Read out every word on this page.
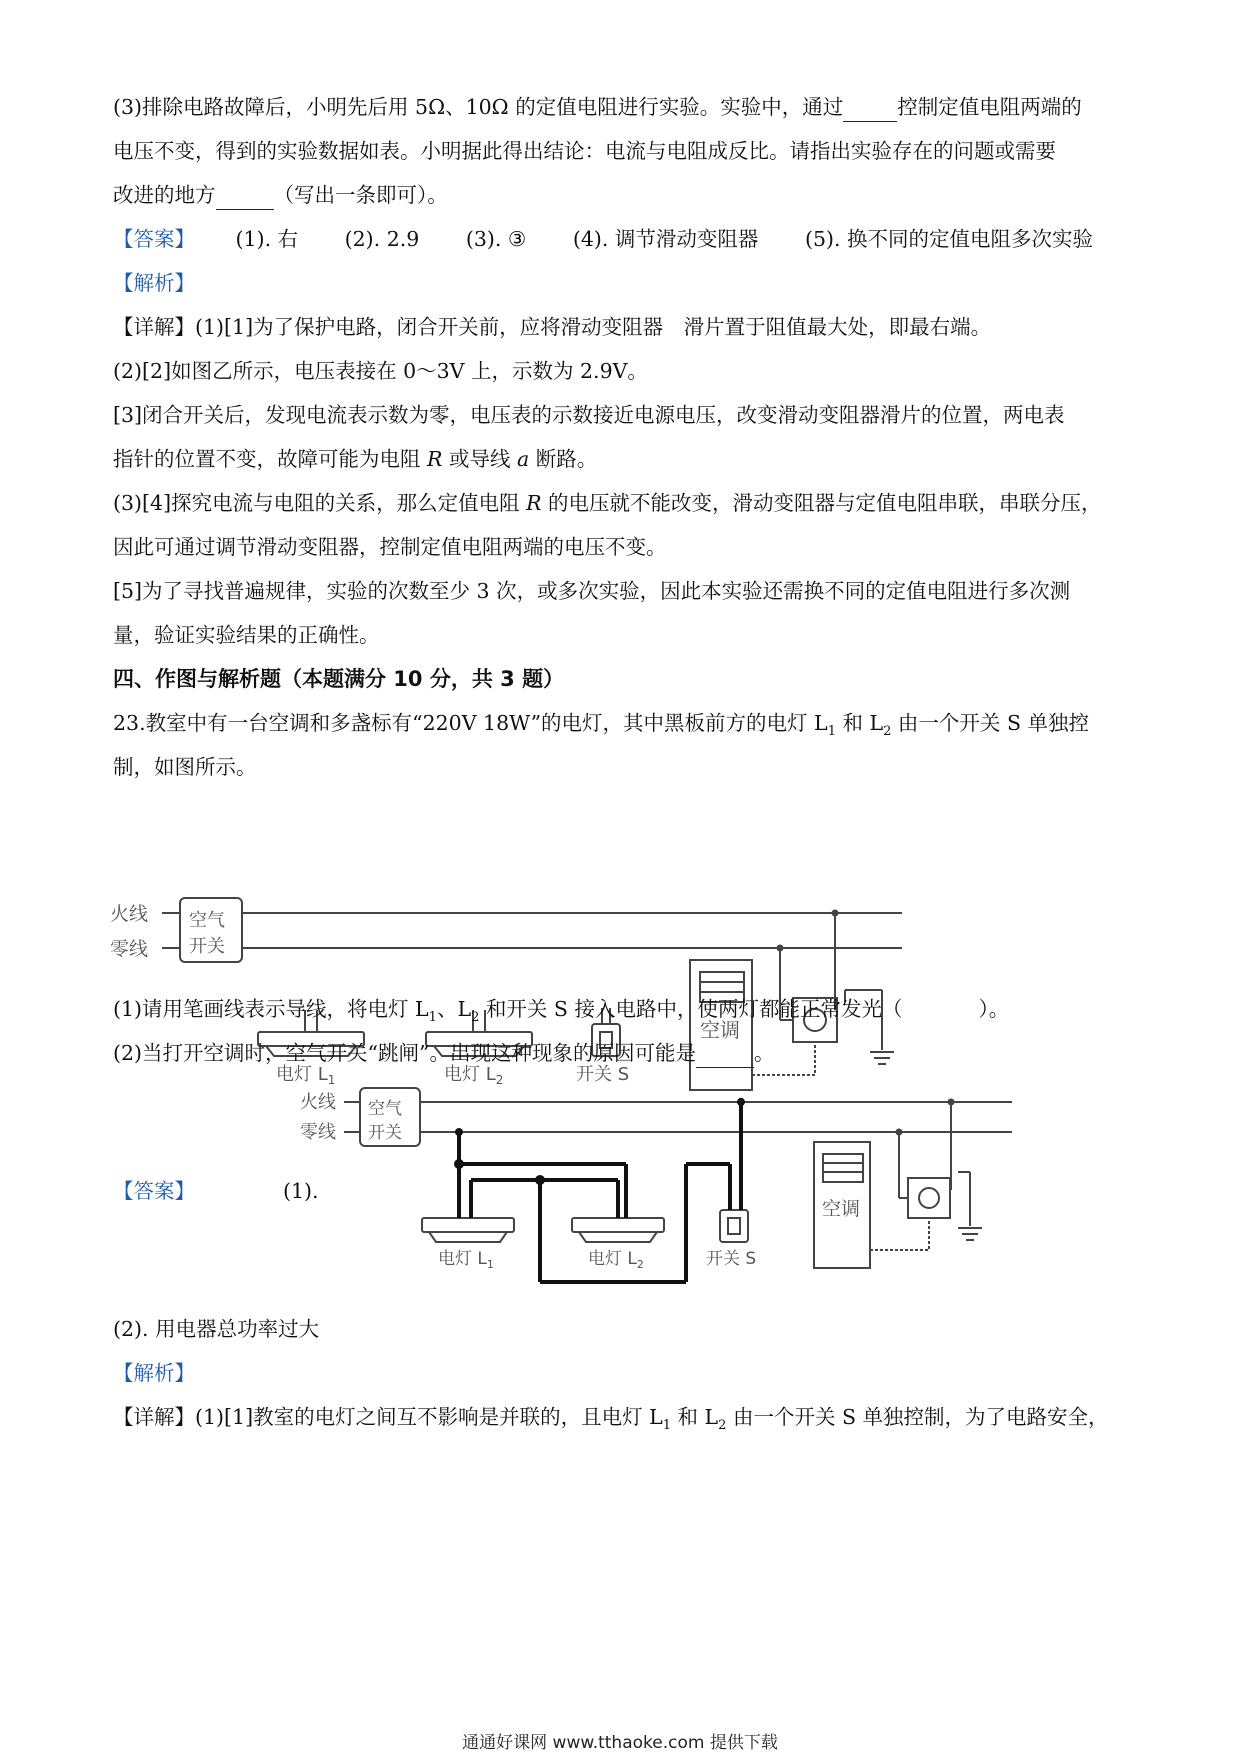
(3)排除电路故障后，小明先后用 5Ω、10Ω 的定值电阻进行实验。实验中，通过	控制定值电阻两端的
电压不变，得到的实验数据如表。小明据此得出结论：电流与电阻成反比。请指出实验存在的问题或需要
改进的地方	（写出一条即可）。
【答案】 (1). 右 (2). 2.9 (3). ③ (4). 调节滑动变阻器 (5). 换不同的定值电阻多次实验
【解析】
【详解】(1)[1]为了保护电路，闭合开关前，应将滑动变阻器　滑片置于阻值最大处，即最右端。
(2)[2]如图乙所示，电压表接在 0～3V 上，示数为 2.9V。
[3]闭合开关后，发现电流表示数为零，电压表的示数接近电源电压，改变滑动变阻器滑片的位置，两电表
指针的位置不变，故障可能为电阻 R 或导线 a 断路。
(3)[4]探究电流与电阻的关系，那么定值电阻 R 的电压就不能改变，滑动变阻器与定值电阻串联，串联分压，
因此可通过调节滑动变阻器，控制定值电阻两端的电压不变。
[5]为了寻找普遍规律，实验的次数至少 3 次，或多次实验，因此本实验还需换不同的定值电阻进行多次测
量，验证实验结果的正确性。
四、作图与解析题（本题满分 10 分，共 3 题）
23.教室中有一台空调和多盏标有“220V 18W”的电灯，其中黑板前方的电灯 $L_1$ 和 $L_2$ 由一个开关 S 单独控
制，如图所示。
火线
零线
空气
开关
电灯 $L_1$	电灯 $L_2$	开关 S
空调
(1)请用笔画线表示导线，将电灯 $L_1$、$L_2$ 和开关 S 接入电路中，使两灯都能正常发光（	）。
(2)当打开空调时，空气开关“跳闸”。出现这种现象的原因可能是	。
【答案】	(1).
火线
零线
空气
开关
电灯 $L_1$	电灯 $L_2$	开关 S
空调
(2). 用电器总功率过大
【解析】
【详解】(1)[1]教室的电灯之间互不影响是并联的，且电灯 $L_1$ 和 $L_2$ 由一个开关 S 单独控制，为了电路安全，
通通好课网 www.tthaoke.com 提供下载
